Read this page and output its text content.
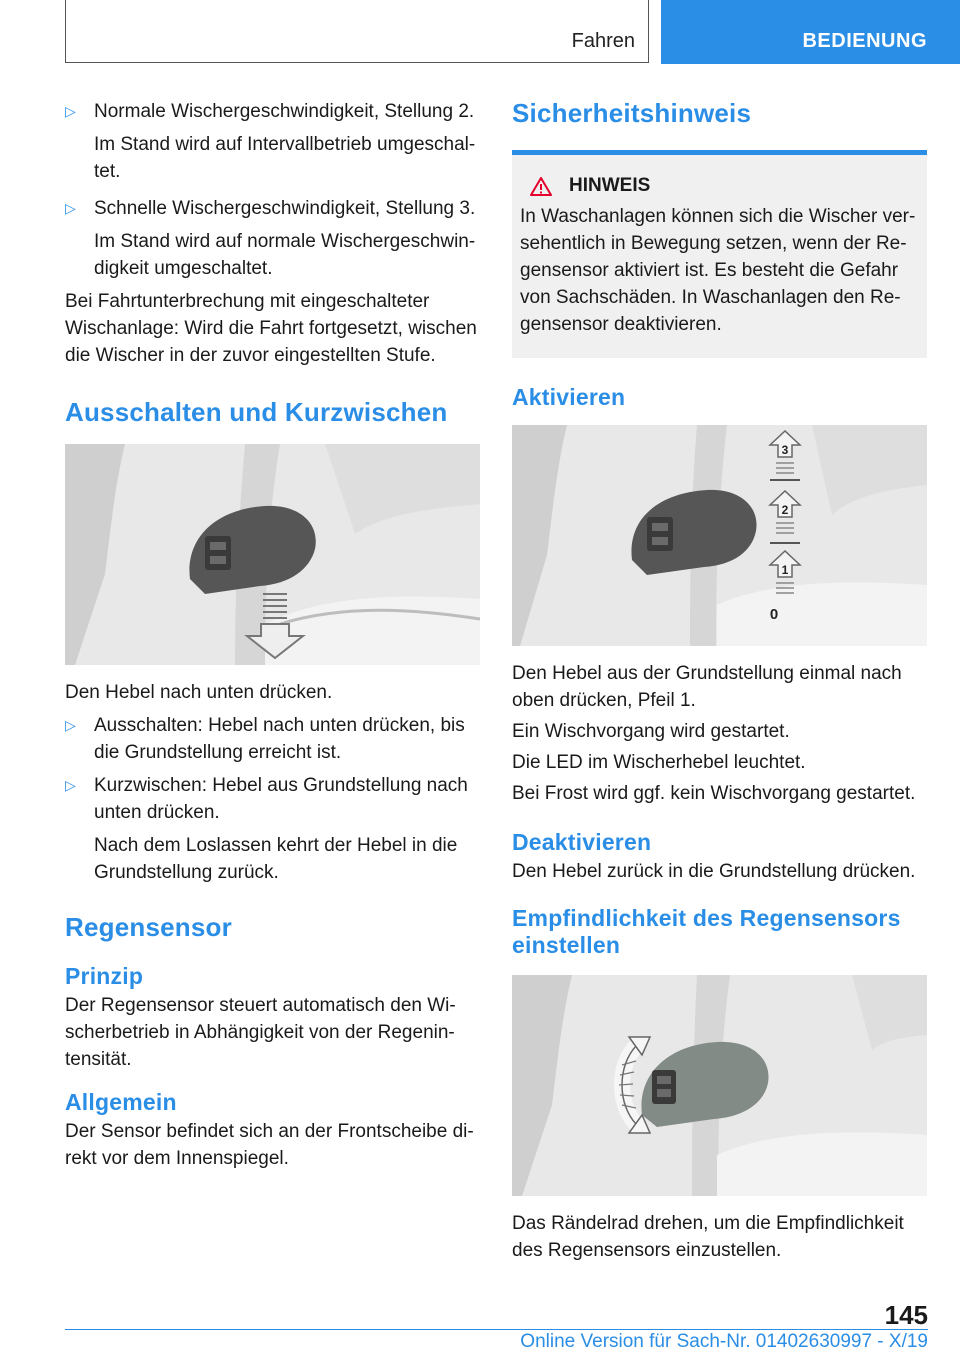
Fahren	BEDIENUNG

▷ Normale Wischergeschwindigkeit, Stellung 2.

Im Stand wird auf Intervallbetrieb umgeschal‐tet.

▷ Schnelle Wischergeschwindigkeit, Stellung 3.

Im Stand wird auf normale Wischergeschwin‐digkeit umgeschaltet.

Bei Fahrtunterbrechung mit eingeschalteter Wischanlage: Wird die Fahrt fortgesetzt, wischen die Wischer in der zuvor eingestellten Stufe.

Ausschalten und Kurzwischen

Den Hebel nach unten drücken.

▷ Ausschalten: Hebel nach unten drücken, bis die Grundstellung erreicht ist.

▷ Kurzwischen: Hebel aus Grundstellung nach unten drücken.

Nach dem Loslassen kehrt der Hebel in die Grundstellung zurück.

Regensensor
Prinzip

Der Regensensor steuert automatisch den Wi‐scherbetrieb in Abhängigkeit von der Regenin‐tensität.

Allgemein

Der Sensor befindet sich an der Frontscheibe di‐rekt vor dem Innenspiegel.

Sicherheitshinweis
HINWEIS

In Waschanlagen können sich die Wischer ver‐sehentlich in Bewegung setzen, wenn der Re‐gensensor aktiviert ist. Es besteht die Gefahr von Sachschäden. In Waschanlagen den Re‐gensensor deaktivieren.

Aktivieren
3
2
1
0

Den Hebel aus der Grundstellung einmal nach oben drücken, Pfeil 1.

Ein Wischvorgang wird gestartet.

Die LED im Wischerhebel leuchtet.

Bei Frost wird ggf. kein Wischvorgang gestartet.

Deaktivieren

Den Hebel zurück in die Grundstellung drücken.

Empfindlichkeit des Regensensors einstellen

Das Rändelrad drehen, um die Empfindlichkeit des Regensensors einzustellen.

145
Online Version für Sach-Nr. 01402630997 - X/19
